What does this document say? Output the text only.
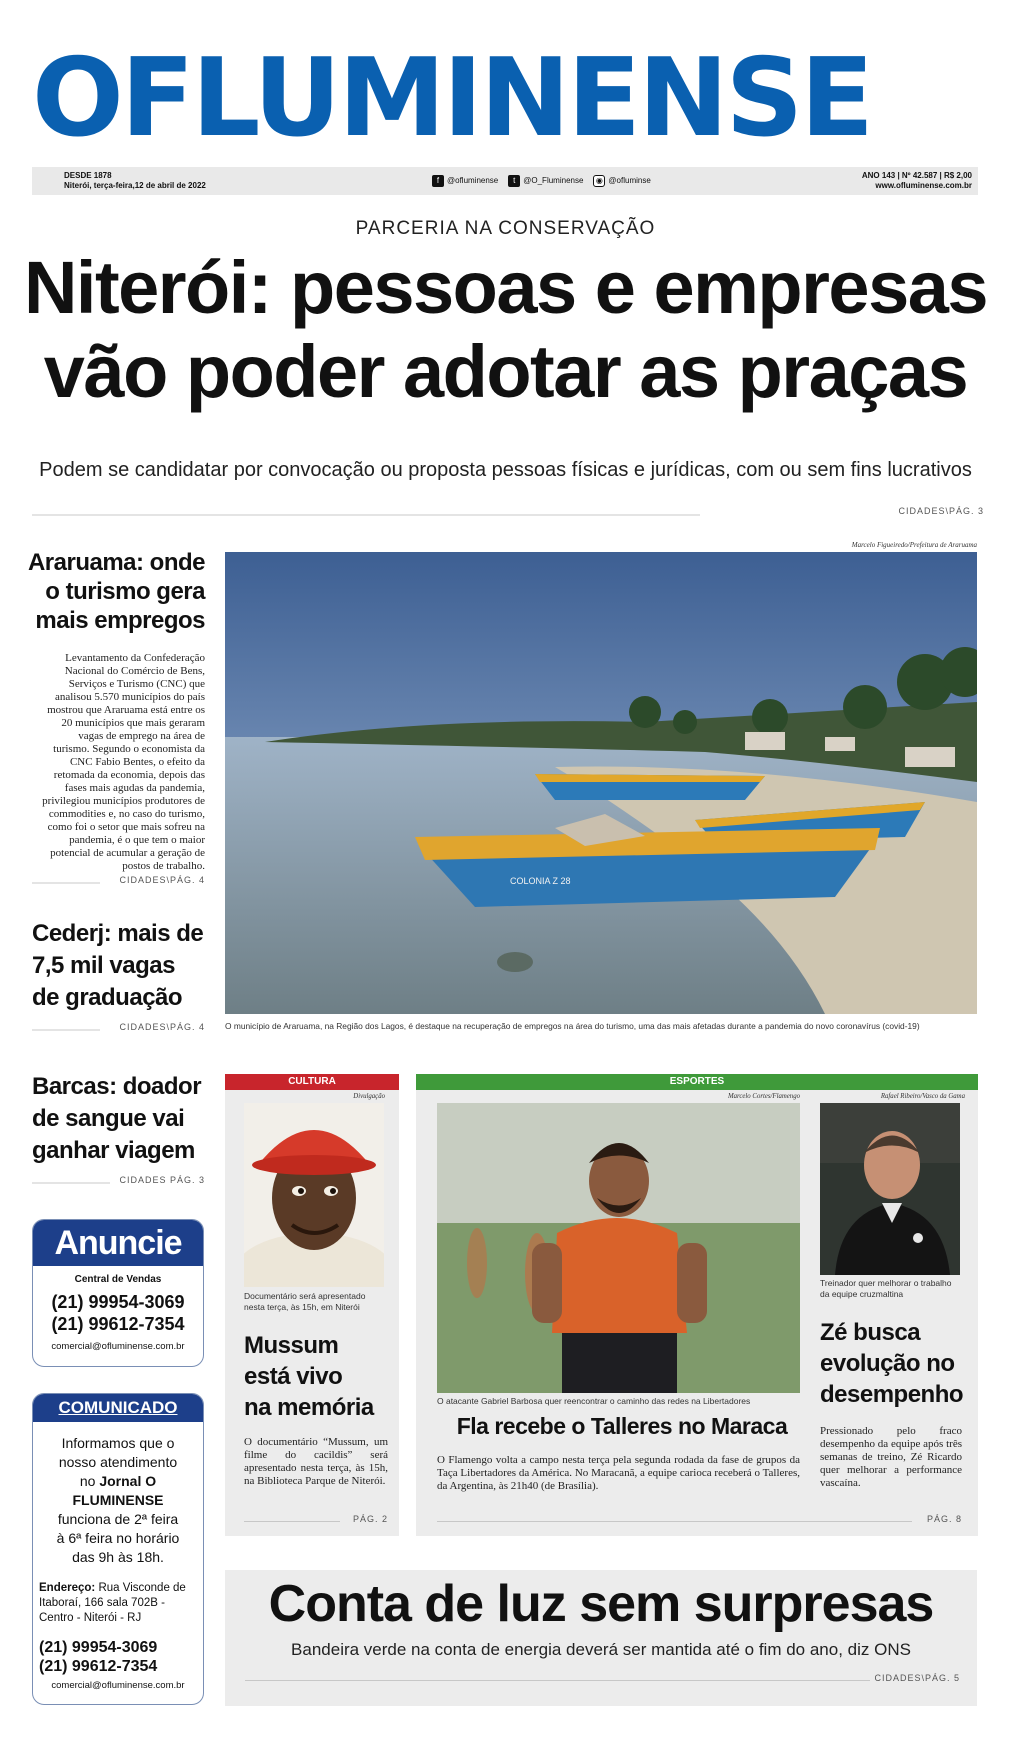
OFLUMINENSE
DESDE 1878
Niterói, terça-feira,12 de abril de 2022
f @ofluminense	t @O_Fluminense	◉ @ofluminse
ANO 143 | Nº 42.587 | R$ 2,00
www.ofluminense.com.br
PARCERIA NA CONSERVAÇÃO
Niterói: pessoas e empresas
vão poder adotar as praças
Podem se candidatar por convocação ou proposta pessoas físicas e jurídicas, com ou sem fins lucrativos
CIDADES\PÁG. 3
Araruama: onde
o turismo gera
mais empregos
Levantamento da Confederação Nacional do Comércio de Bens, Serviços e Turismo (CNC) que analisou 5.570 municípios do país mostrou que Araruama está entre os 20 municípios que mais geraram vagas de emprego na área de turismo. Segundo o economista da CNC Fabio Bentes, o efeito da retomada da economia, depois das fases mais agudas da pandemia, privilegiou municípios produtores de commodities e, no caso do turismo, como foi o setor que mais sofreu na pandemia, é o que tem o maior potencial de acumular a geração de postos de trabalho.
CIDADES\PÁG. 4
Cederj: mais de
7,5 mil vagas
de graduação
CIDADES\PÁG. 4
Barcas: doador
de sangue vai
ganhar viagem
CIDADES PÁG. 3
Anuncie
Central de Vendas
(21) 99954-3069
(21) 99612-7354
comercial@ofluminense.com.br
COMUNICADO
Informamos que o
nosso atendimento
no Jornal O
FLUMINENSE
funciona de 2ª feira
à 6ª feira no horário
das 9h às 18h.
Endereço: Rua Visconde de Itaboraí, 166 sala 702B - Centro - Niterói - RJ
(21) 99954-3069
(21) 99612-7354
comercial@ofluminense.com.br
Marcelo Figueiredo/Prefeitura de Araruama
COLONIA Z 28
O município de Araruama, na Região dos Lagos, é destaque na recuperação de empregos na área do turismo, uma das mais afetadas durante a pandemia do novo coronavírus (covid-19)
CULTURA
Divulgação
Documentário será apresentado nesta terça, às 15h, em Niterói
Mussum
está vivo
na memória
O documentário “Mussum, um filme do cacildis” será apresentado nesta terça, às 15h, na Biblioteca Parque de Niterói.
PÁG. 2
ESPORTES
Marcelo Cortes/Flamengo
O atacante Gabriel Barbosa quer reencontrar o caminho das redes na Libertadores
Fla recebe o Talleres no Maraca
O Flamengo volta a campo nesta terça pela segunda rodada da fase de grupos da Taça Libertadores da América. No Maracanã, a equipe carioca receberá o Talleres, da Argentina, às 21h40 (de Brasília).
Rafael Ribeiro/Vasco da Gama
Treinador quer melhorar o trabalho da equipe cruzmaltina
Zé busca
evolução no
desempenho
Pressionado pelo fraco desempenho da equipe após três semanas de treino, Zé Ricardo quer melhorar a performance vascaína.
PÁG. 8
Conta de luz sem surpresas
Bandeira verde na conta de energia deverá ser mantida até o fim do ano, diz ONS
CIDADES\PÁG. 5
